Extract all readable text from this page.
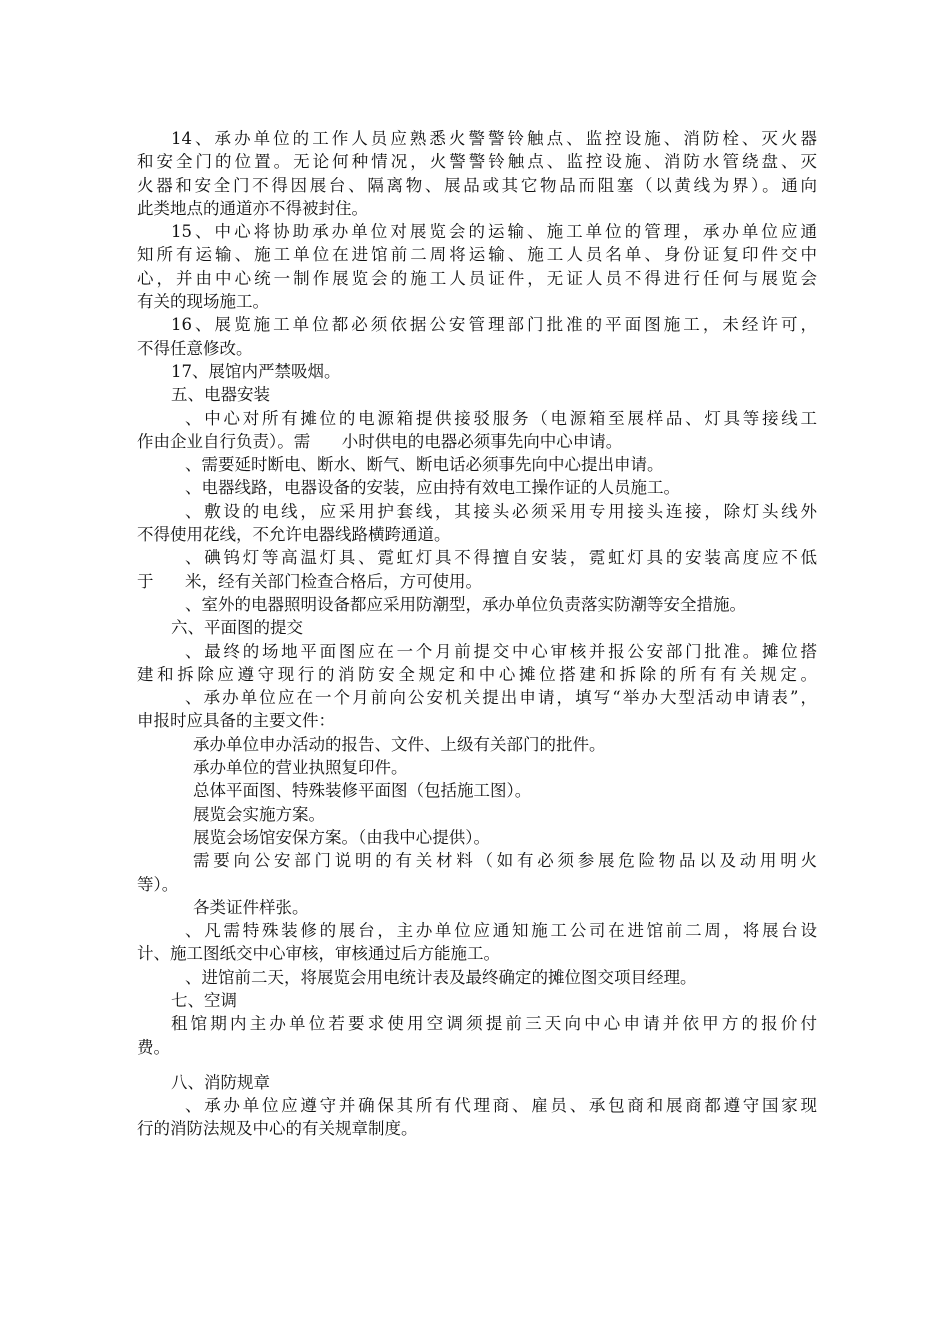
14、承办单位的工作人员应熟悉火警警铃触点、监控设施、消防栓、灭火器
和安全门的位置。无论何种情况，火警警铃触点、监控设施、消防水管绕盘、灭
火器和安全门不得因展台、隔离物、展品或其它物品而阻塞（以黄线为界）。通向
此类地点的通道亦不得被封住。
15、中心将协助承办单位对展览会的运输、施工单位的管理，承办单位应通
知所有运输、施工单位在进馆前二周将运输、施工人员名单、身份证复印件交中
心，并由中心统一制作展览会的施工人员证件，无证人员不得进行任何与展览会
有关的现场施工。
16、展览施工单位都必须依据公安管理部门批准的平面图施工，未经许可，
不得任意修改。
17、展馆内严禁吸烟。
五、电器安装
、中心对所有摊位的电源箱提供接驳服务（电源箱至展样品、灯具等接线工
作由企业自行负责）。需      小时供电的电器必须事先向中心申请。
、需要延时断电、断水、断气、断电话必须事先向中心提出申请。
、电器线路，电器设备的安装，应由持有效电工操作证的人员施工。
、敷设的电线，应采用护套线，其接头必须采用专用接头连接，除灯头线外
不得使用花线，不允许电器线路横跨通道。
、碘钨灯等高温灯具、霓虹灯具不得擅自安装，霓虹灯具的安装高度应不低
于      米，经有关部门检查合格后，方可使用。
、室外的电器照明设备都应采用防潮型，承办单位负责落实防潮等安全措施。
六、平面图的提交
、最终的场地平面图应在一个月前提交中心审核并报公安部门批准。摊位搭
建和拆除应遵守现行的消防安全规定和中心摊位搭建和拆除的所有有关规定。
、承办单位应在一个月前向公安机关提出申请，填写“举办大型活动申请表”，
申报时应具备的主要文件：
承办单位申办活动的报告、文件、上级有关部门的批件。
承办单位的营业执照复印件。
总体平面图、特殊装修平面图（包括施工图）。
展览会实施方案。
展览会场馆安保方案。（由我中心提供）。
需要向公安部门说明的有关材料（如有必须参展危险物品以及动用明火
等）。
各类证件样张。
、凡需特殊装修的展台，主办单位应通知施工公司在进馆前二周，将展台设
计、施工图纸交中心审核，审核通过后方能施工。
、进馆前二天，将展览会用电统计表及最终确定的摊位图交项目经理。
七、空调
租馆期内主办单位若要求使用空调须提前三天向中心申请并依甲方的报价付
费。
八、消防规章
、承办单位应遵守并确保其所有代理商、雇员、承包商和展商都遵守国家现
行的消防法规及中心的有关规章制度。
